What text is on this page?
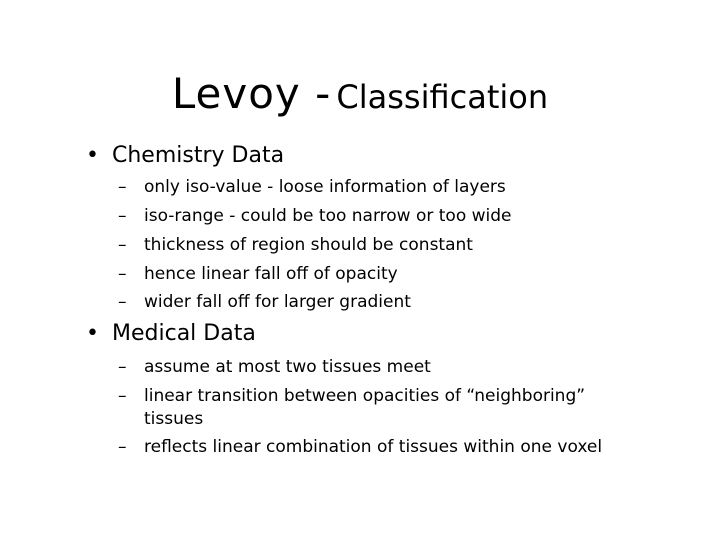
Levoy - Classification
• Chemistry Data
– only iso-value - loose information of layers
– iso-range - could be too narrow or too wide
– thickness of region should be constant
– hence linear fall off of opacity
– wider fall off for larger gradient
• Medical Data
– assume at most two tissues meet
– linear transition between opacities of “neighboring”
tissues
– reflects linear combination of tissues within one voxel
